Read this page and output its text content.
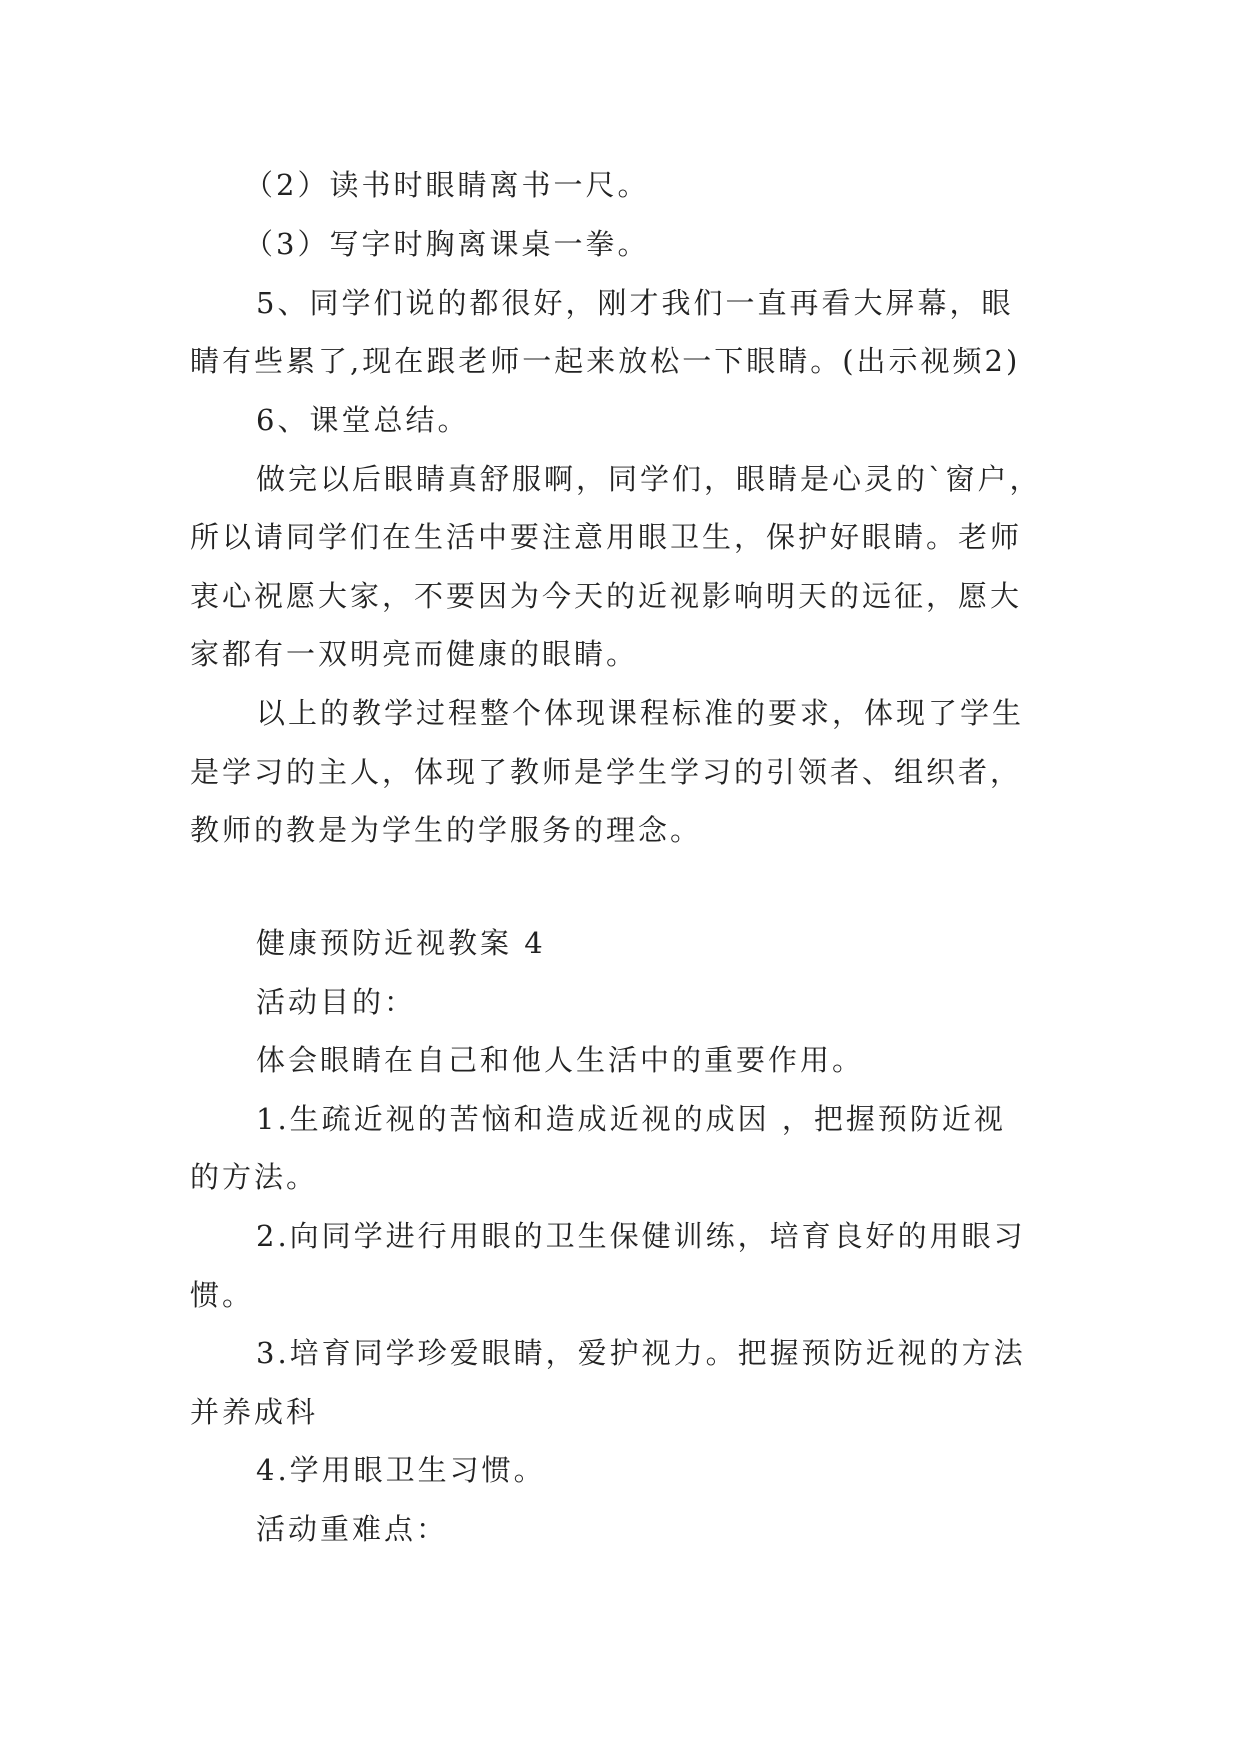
（2）读书时眼睛离书一尺。
（3）写字时胸离课桌一拳。
5、同学们说的都很好，刚才我们一直再看大屏幕，眼
睛有些累了,现在跟老师一起来放松一下眼睛。(出示视频2)
6、课堂总结。
做完以后眼睛真舒服啊，同学们，眼睛是心灵的`窗户，
所以请同学们在生活中要注意用眼卫生，保护好眼睛。老师
衷心祝愿大家，不要因为今天的近视影响明天的远征，愿大
家都有一双明亮而健康的眼睛。
以上的教学过程整个体现课程标准的要求，体现了学生
是学习的主人，体现了教师是学生学习的引领者、组织者，
教师的教是为学生的学服务的理念。
健康预防近视教案 4
活动目的：
体会眼睛在自己和他人生活中的重要作用。
1.生疏近视的苦恼和造成近视的成因 ，把握预防近视
的方法。
2.向同学进行用眼的卫生保健训练，培育良好的用眼习
惯。
3.培育同学珍爱眼睛，爱护视力。把握预防近视的方法
并养成科
4.学用眼卫生习惯。
活动重难点：
